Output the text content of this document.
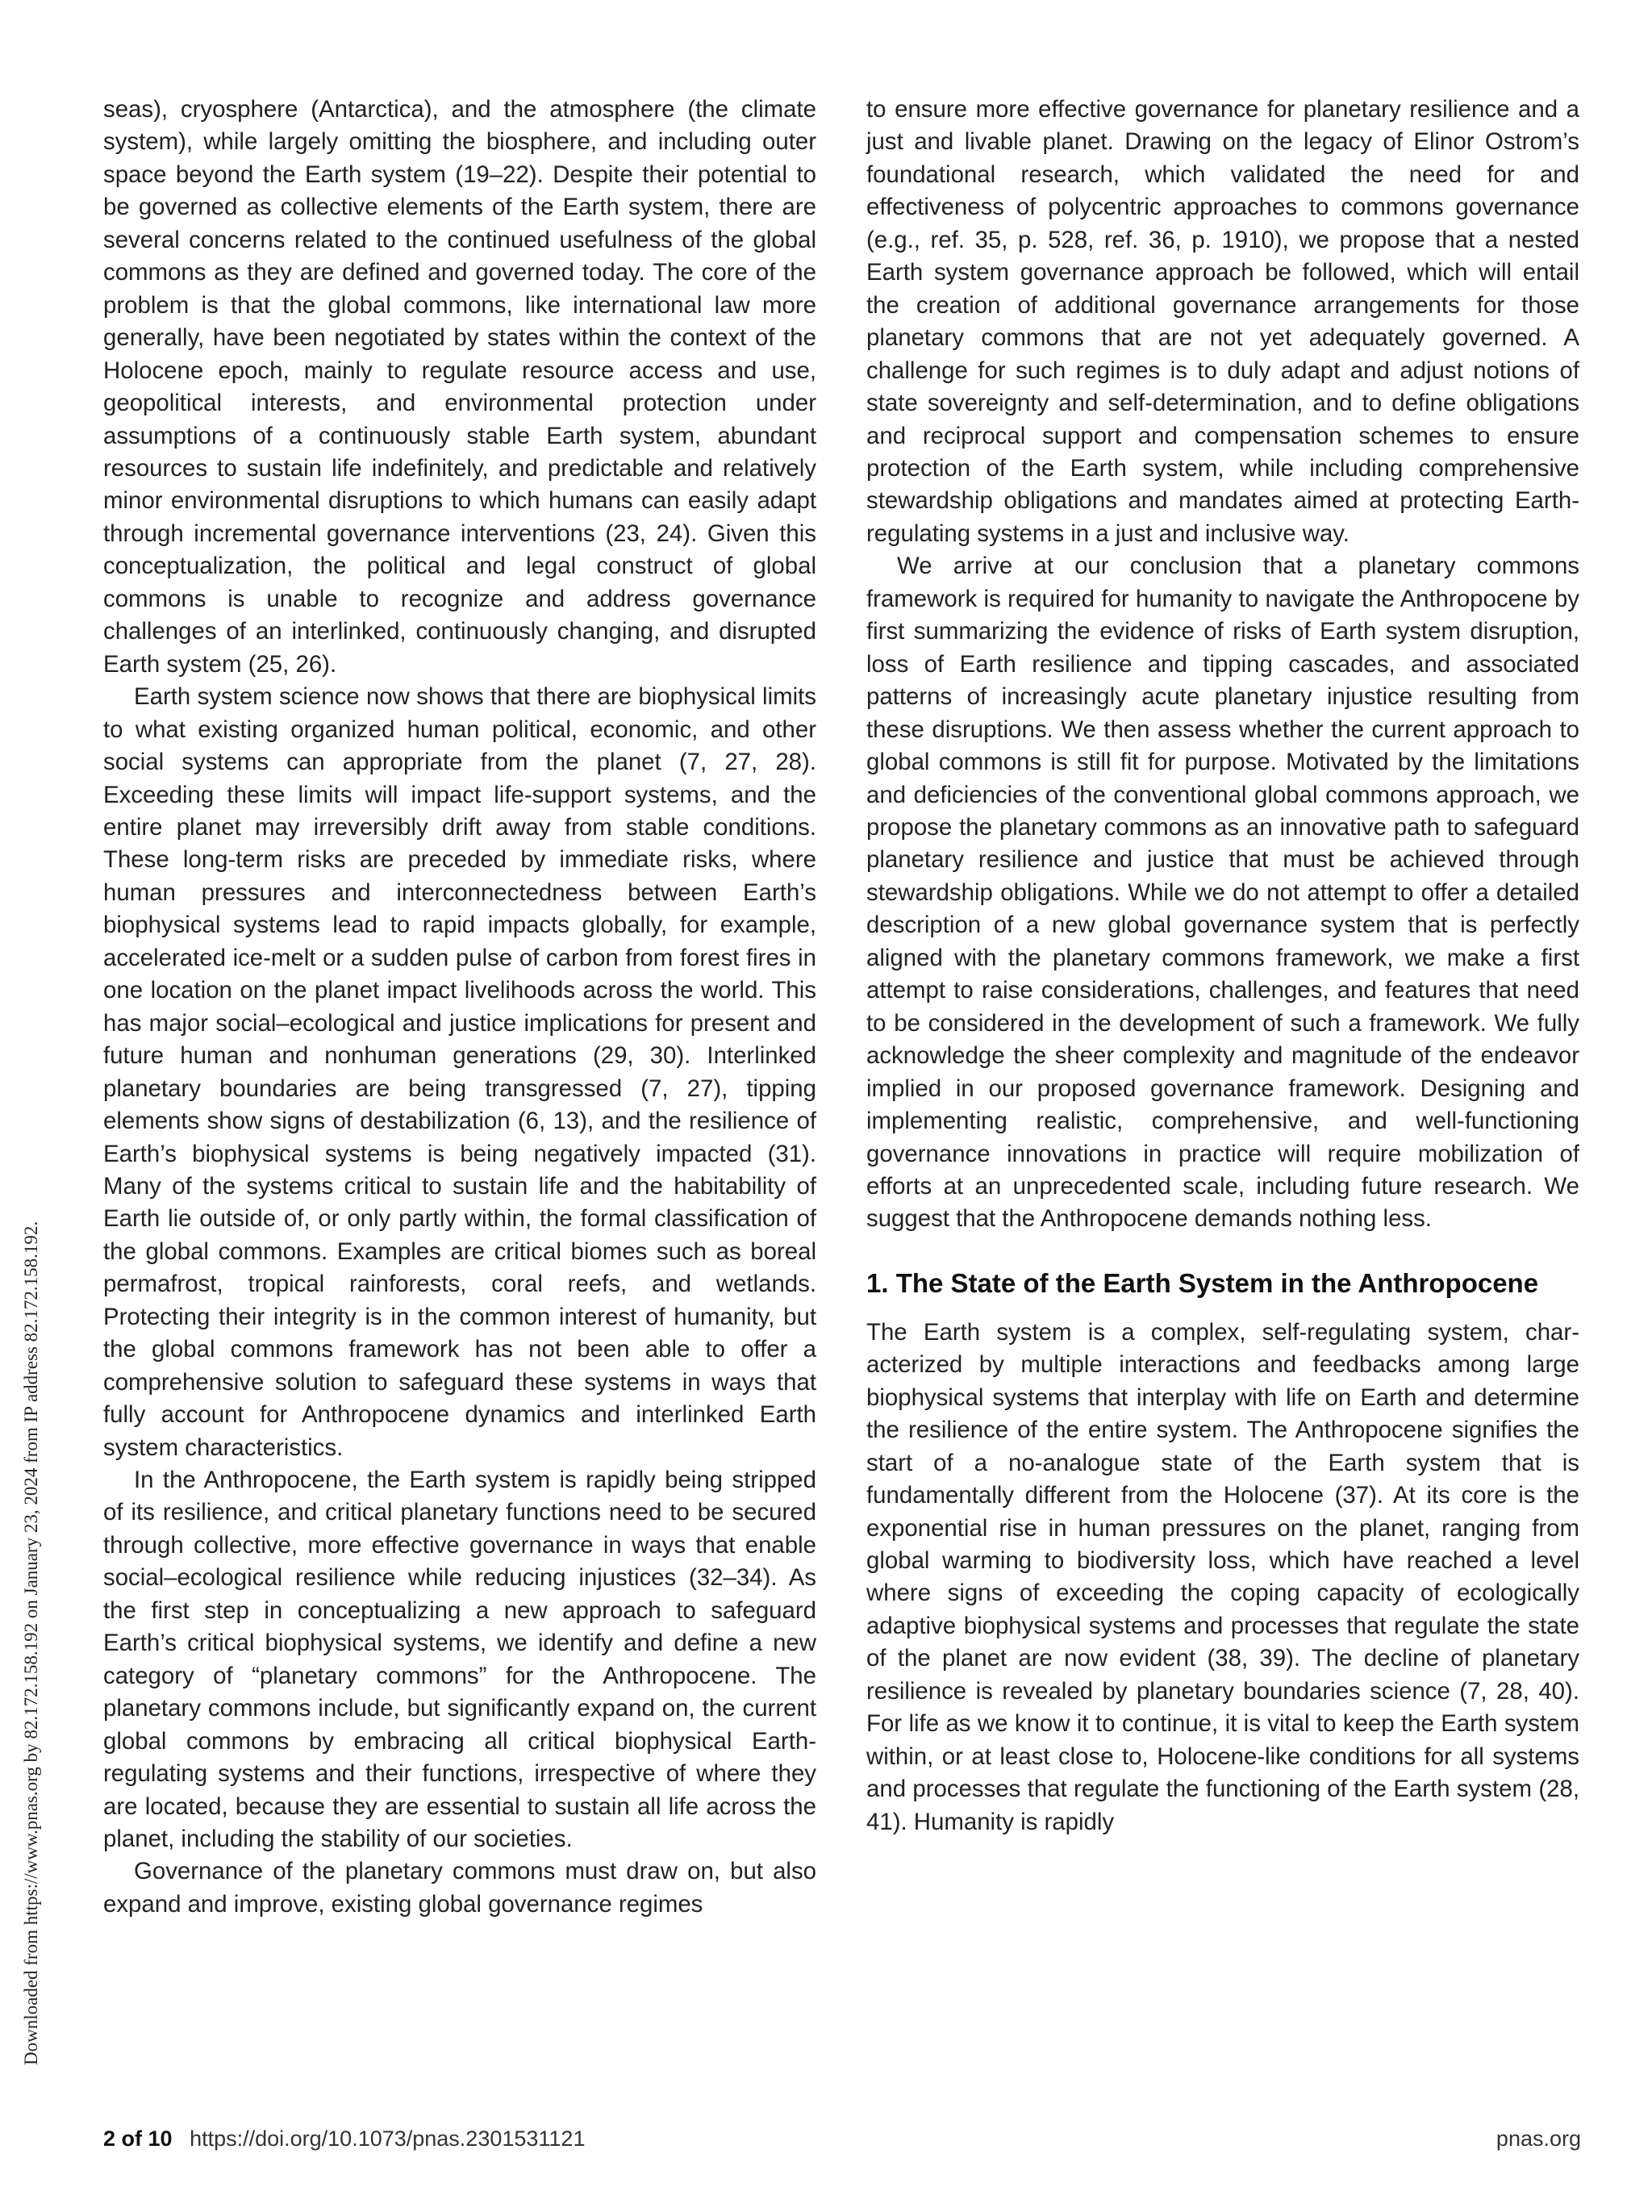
Downloaded from https://www.pnas.org by 82.172.158.192 on January 23, 2024 from IP address 82.172.158.192.

seas), cryosphere (Antarctica), and the atmosphere (the climate system), while largely omitting the biosphere, and including outer space beyond the Earth system (19–22). Despite their potential to be governed as collective elements of the Earth system, there are several concerns related to the continued usefulness of the global commons as they are defined and governed today. The core of the problem is that the global commons, like international law more generally, have been negotiated by states within the context of the Holocene epoch, mainly to regulate resource access and use, geopolitical interests, and environmental protection under assumptions of a continuously stable Earth system, abundant resources to sustain life indefinitely, and predictable and relatively minor environmental disruptions to which humans can easily adapt through incremental governance interventions (23, 24). Given this conceptualization, the political and legal construct of global commons is unable to recognize and address governance challenges of an interlinked, continuously changing, and disrupted Earth system (25, 26).

Earth system science now shows that there are biophysical limits to what existing organized human political, economic, and other social systems can appropriate from the planet (7, 27, 28). Exceeding these limits will impact life-support systems, and the entire planet may irreversibly drift away from stable conditions. These long-term risks are preceded by immediate risks, where human pressures and interconnectedness between Earth’s biophysical systems lead to rapid impacts globally, for example, accelerated ice-melt or a sudden pulse of carbon from forest fires in one location on the planet impact livelihoods across the world. This has major social–ecological and justice implications for present and future human and nonhuman generations (29, 30). Interlinked planetary boundaries are being transgressed (7, 27), tipping elements show signs of destabilization (6, 13), and the resilience of Earth’s biophysical systems is being negatively impacted (31). Many of the systems critical to sustain life and the habitability of Earth lie outside of, or only partly within, the formal classification of the global commons. Examples are critical biomes such as boreal permafrost, tropical rainforests, coral reefs, and wetlands. Protecting their integrity is in the common interest of humanity, but the global commons framework has not been able to offer a comprehensive solution to safeguard these systems in ways that fully account for Anthropocene dynamics and interlinked Earth system characteristics.

In the Anthropocene, the Earth system is rapidly being stripped of its resilience, and critical planetary functions need to be secured through collective, more effective governance in ways that enable social–ecological resilience while reducing injustices (32–34). As the first step in conceptualizing a new approach to safeguard Earth’s critical biophysical systems, we identify and define a new category of “planetary commons” for the Anthropocene. The planetary commons include, but significantly expand on, the current global commons by embracing all critical biophysical Earth-regulating systems and their functions, irrespective of where they are located, because they are essential to sustain all life across the planet, including the stability of our societies.

Governance of the planetary commons must draw on, but also expand and improve, existing global governance regimes

to ensure more effective governance for planetary resilience and a just and livable planet. Drawing on the legacy of Elinor Ostrom’s foundational research, which validated the need for and effectiveness of polycentric approaches to commons governance (e.g., ref. 35, p. 528, ref. 36, p. 1910), we propose that a nested Earth system governance approach be followed, which will entail the creation of additional governance arrangements for those planetary commons that are not yet adequately governed. A challenge for such regimes is to duly adapt and adjust notions of state sovereignty and self-determination, and to define obligations and reciprocal support and compensation schemes to ensure protection of the Earth system, while including comprehensive stewardship obligations and mandates aimed at protecting Earth-regulating systems in a just and inclusive way.

We arrive at our conclusion that a planetary commons framework is required for humanity to navigate the Anthropocene by first summarizing the evidence of risks of Earth system disruption, loss of Earth resilience and tipping cascades, and associated patterns of increasingly acute planetary injustice resulting from these disruptions. We then assess whether the current approach to global commons is still fit for purpose. Motivated by the limitations and deficiencies of the conventional global commons approach, we propose the planetary commons as an innovative path to safeguard planetary resilience and justice that must be achieved through stewardship obligations. While we do not attempt to offer a detailed description of a new global governance system that is perfectly aligned with the planetary commons framework, we make a first attempt to raise considerations, challenges, and features that need to be considered in the development of such a framework. We fully acknowledge the sheer complexity and magnitude of the endeavor implied in our proposed governance framework. Designing and implementing realistic, comprehensive, and well-functioning governance innovations in practice will require mobilization of efforts at an unprecedented scale, including future research. We suggest that the Anthropocene demands nothing less.

1. The State of the Earth System in the Anthropocene

The Earth system is a complex, self-regulating system, characterized by multiple interactions and feedbacks among large biophysical systems that interplay with life on Earth and determine the resilience of the entire system. The Anthropocene signifies the start of a no-analogue state of the Earth system that is fundamentally different from the Holocene (37). At its core is the exponential rise in human pressures on the planet, ranging from global warming to biodiversity loss, which have reached a level where signs of exceeding the coping capacity of ecologically adaptive biophysical systems and processes that regulate the state of the planet are now evident (38, 39). The decline of planetary resilience is revealed by planetary boundaries science (7, 28, 40). For life as we know it to continue, it is vital to keep the Earth system within, or at least close to, Holocene-like conditions for all systems and processes that regulate the functioning of the Earth system (28, 41). Humanity is rapidly

2 of 10 https://doi.org/10.1073/pnas.2301531121	pnas.org
